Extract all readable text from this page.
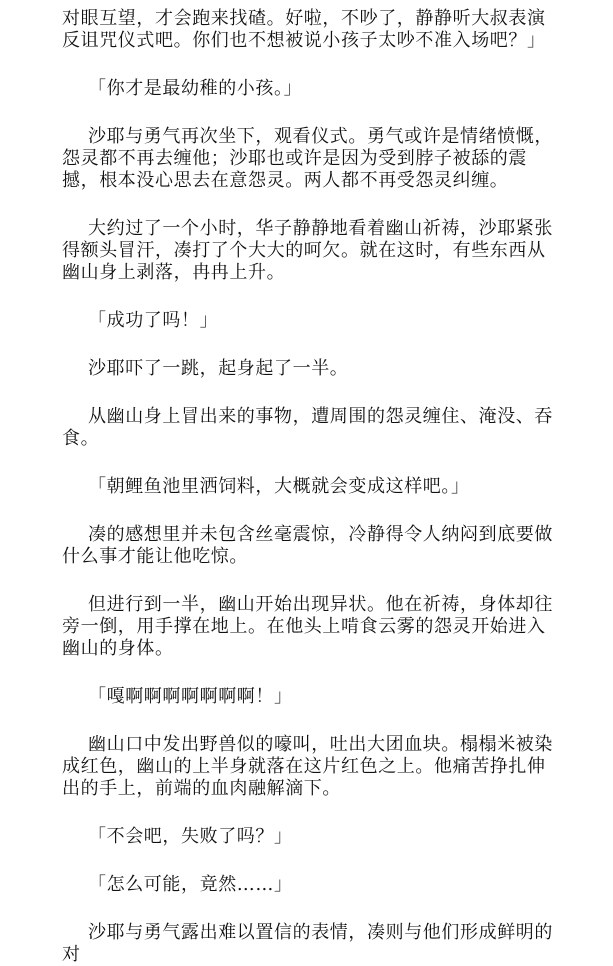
对眼互望，才会跑来找碴。好啦，不吵了，静静听大叔表演反诅咒仪式吧。你们也不想被说小孩子太吵不准入场吧？」

「你才是最幼稚的小孩。」

沙耶与勇气再次坐下，观看仪式。勇气或许是情绪愤慨，怨灵都不再去缠他；沙耶也或许是因为受到脖子被舔的震撼，根本没心思去在意怨灵。两人都不再受怨灵纠缠。

大约过了一个小时，华子静静地看着幽山祈祷，沙耶紧张得额头冒汗，凑打了个大大的呵欠。就在这时，有些东西从幽山身上剥落，冉冉上升。

「成功了吗！」

沙耶吓了一跳，起身起了一半。

从幽山身上冒出来的事物，遭周围的怨灵缠住、淹没、吞食。

「朝鲤鱼池里洒饲料，大概就会变成这样吧。」

凑的感想里并未包含丝毫震惊，冷静得令人纳闷到底要做什么事才能让他吃惊。

但进行到一半，幽山开始出现异状。他在祈祷，身体却往旁一倒，用手撑在地上。在他头上啃食云雾的怨灵开始进入幽山的身体。

「嘎啊啊啊啊啊啊啊！」

幽山口中发出野兽似的嚎叫，吐出大团血块。榻榻米被染成红色，幽山的上半身就落在这片红色之上。他痛苦挣扎伸出的手上，前端的血肉融解滴下。

「不会吧，失败了吗？」

「怎么可能，竟然……」

沙耶与勇气露出难以置信的表情，凑则与他们形成鲜明的对
